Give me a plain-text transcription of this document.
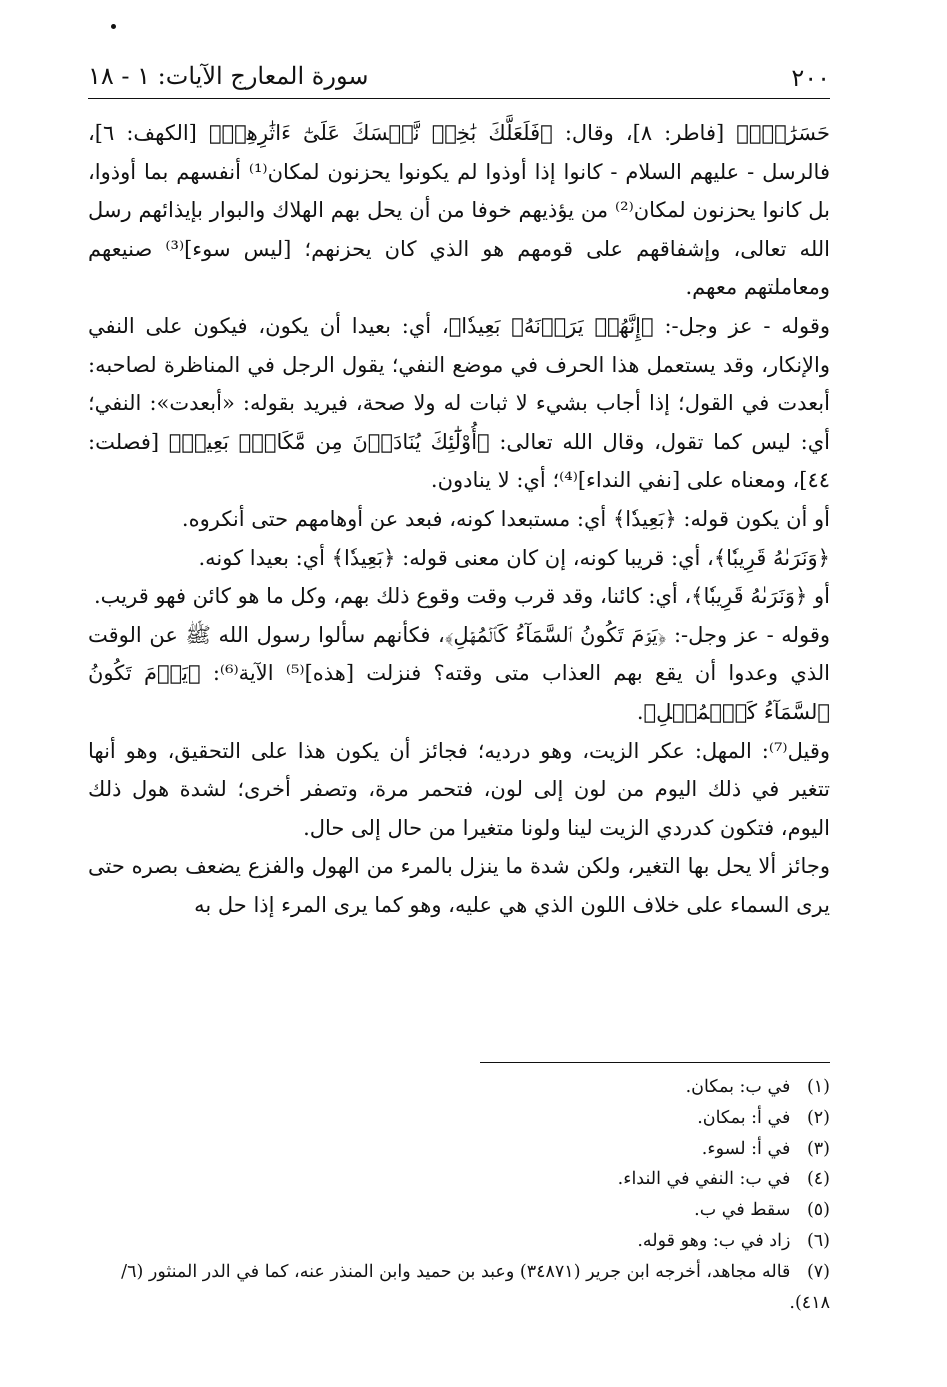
٢٠٠
سورة المعارج الآيات: ١ - ١٨

حَسَرَٰتٍۚ﴾ [فاطر: ٨]، وقال: ﴿فَلَعَلَّكَ بَٰخِعٞ نَّفۡسَكَ عَلَىٰٓ ءَاثَٰرِهِمۡ﴾ [الكهف: ٦]، فالرسل - عليهم السلام - كانوا إذا أوذوا لم يكونوا يحزنون لمكان⁽¹⁾ أنفسهم بما أوذوا، بل كانوا يحزنون لمكان⁽²⁾ من يؤذيهم خوفا من أن يحل بهم الهلاك والبوار بإيذائهم رسل الله تعالى، وإشفاقهم على قومهم هو الذي كان يحزنهم؛ [ليس سوء]⁽³⁾ صنيعهم ومعاملتهم معهم.

وقوله - عز وجل-: ﴿إِنَّهُمۡ يَرَوۡنَهُۥ بَعِيدٗا﴾، أي: بعيدا أن يكون، فيكون على النفي والإنكار، وقد يستعمل هذا الحرف في موضع النفي؛ يقول الرجل في المناظرة لصاحبه: أبعدت في القول؛ إذا أجاب بشيء لا ثبات له ولا صحة، فيريد بقوله: «أبعدت»: النفي؛ أي: ليس كما تقول، وقال الله تعالى: ﴿أُوْلَٰٓئِكَ يُنَادَوۡنَ مِن مَّكَانِۭ بَعِيدٖ﴾ [فصلت: ٤٤]، ومعناه على [نفي النداء]⁽⁴⁾؛ أي: لا ينادون.

أو أن يكون قوله: ﴿بَعِيدٗا﴾ أي: مستبعدا كونه، فبعد عن أوهامهم حتى أنكروه.

﴿وَنَرَىٰهُ قَرِيبٗا﴾، أي: قريبا كونه، إن كان معنى قوله: ﴿بَعِيدٗا﴾ أي: بعيدا كونه.

أو ﴿وَنَرَىٰهُ قَرِيبٗا﴾، أي: كائنا، وقد قرب وقت وقوع ذلك بهم، وكل ما هو كائن فهو قريب.

وقوله - عز وجل-: ﴿يَوۡمَ تَكُونُ ٱلسَّمَآءُ كَٱلۡمُهۡلِ﴾، فكأنهم سألوا رسول الله ﷺ عن الوقت الذي وعدوا أن يقع بهم العذاب متى وقته؟ فنزلت [هذه]⁽⁵⁾ الآية⁽⁶⁾: ﴿يَوۡمَ تَكُونُ ٱلسَّمَآءُ كَٱلۡمُهۡلِ﴾.

وقيل⁽⁷⁾: المهل: عكر الزيت، وهو درديه؛ فجائز أن يكون هذا على التحقيق، وهو أنها تتغير في ذلك اليوم من لون إلى لون، فتحمر مرة، وتصفر أخرى؛ لشدة هول ذلك اليوم، فتكون كدردي الزيت لينا ولونا متغيرا من حال إلى حال.

وجائز ألا يحل بها التغير، ولكن شدة ما ينزل بالمرء من الهول والفزع يضعف بصره حتى يرى السماء على خلاف اللون الذي هي عليه، وهو كما يرى المرء إذا حل به

(١) في ب: بمكان.

(٢) في أ: بمكان.

(٣) في أ: لسوء.

(٤) في ب: النفي في النداء.

(٥) سقط في ب.

(٦) زاد في ب: وهو قوله.

(٧) قاله مجاهد، أخرجه ابن جرير (٣٤٨٧١) وعبد بن حميد وابن المنذر عنه، كما في الدر المنثور (٦/ ٤١٨).
